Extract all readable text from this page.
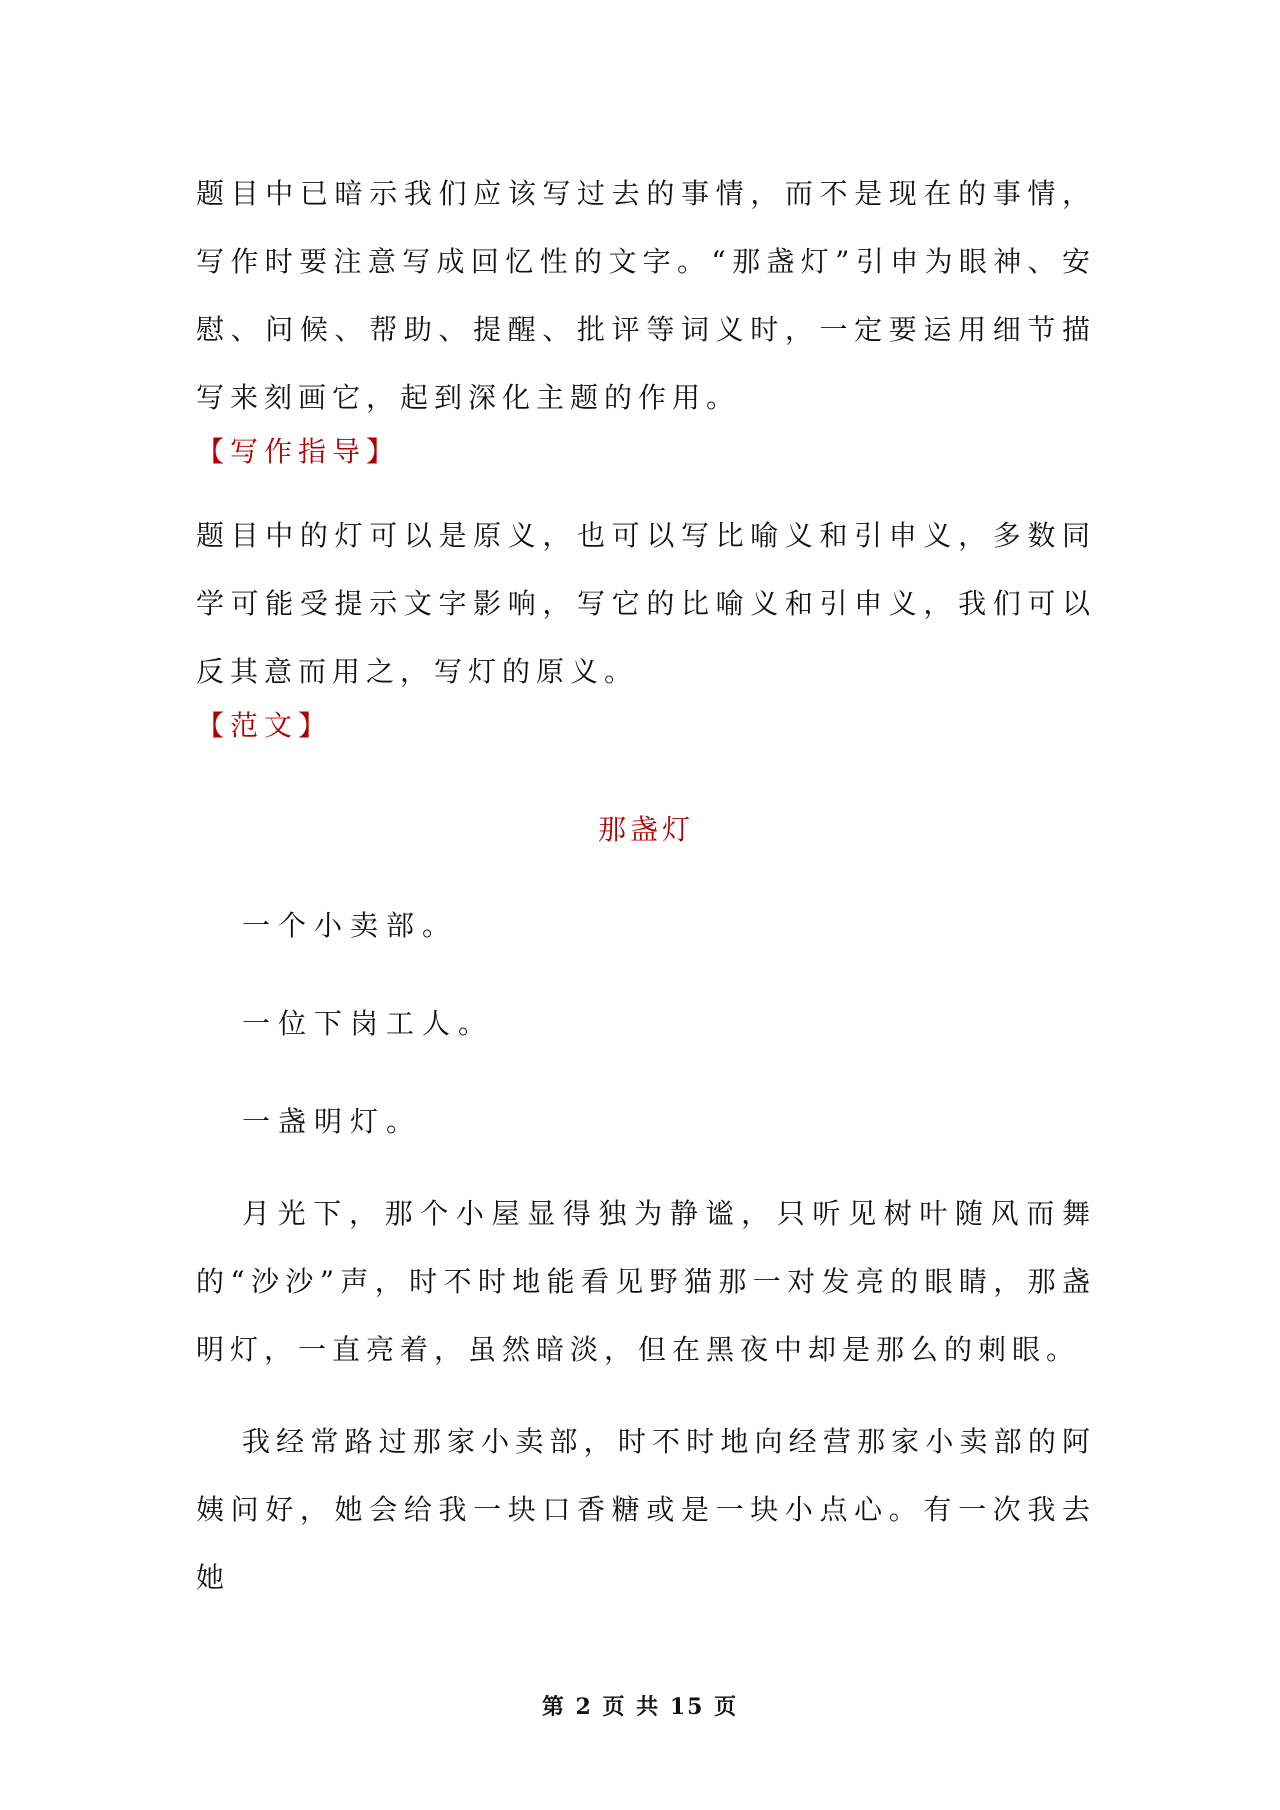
题目中已暗示我们应该写过去的事情，而不是现在的事情，写作时要注意写成回忆性的文字。“那盏灯”引申为眼神、安慰、问候、帮助、提醒、批评等词义时，一定要运用细节描写来刻画它，起到深化主题的作用。

【写作指导】

题目中的灯可以是原义，也可以写比喻义和引申义，多数同学可能受提示文字影响，写它的比喻义和引申义，我们可以反其意而用之，写灯的原义。

【范文】

那盏灯

一个小卖部。

一位下岗工人。

一盏明灯。

月光下，那个小屋显得独为静谧，只听见树叶随风而舞的“沙沙”声，时不时地能看见野猫那一对发亮的眼睛，那盏明灯，一直亮着，虽然暗淡，但在黑夜中却是那么的刺眼。

我经常路过那家小卖部，时不时地向经营那家小卖部的阿姨问好，她会给我一块口香糖或是一块小点心。有一次我去她

第 2 页 共 15 页
